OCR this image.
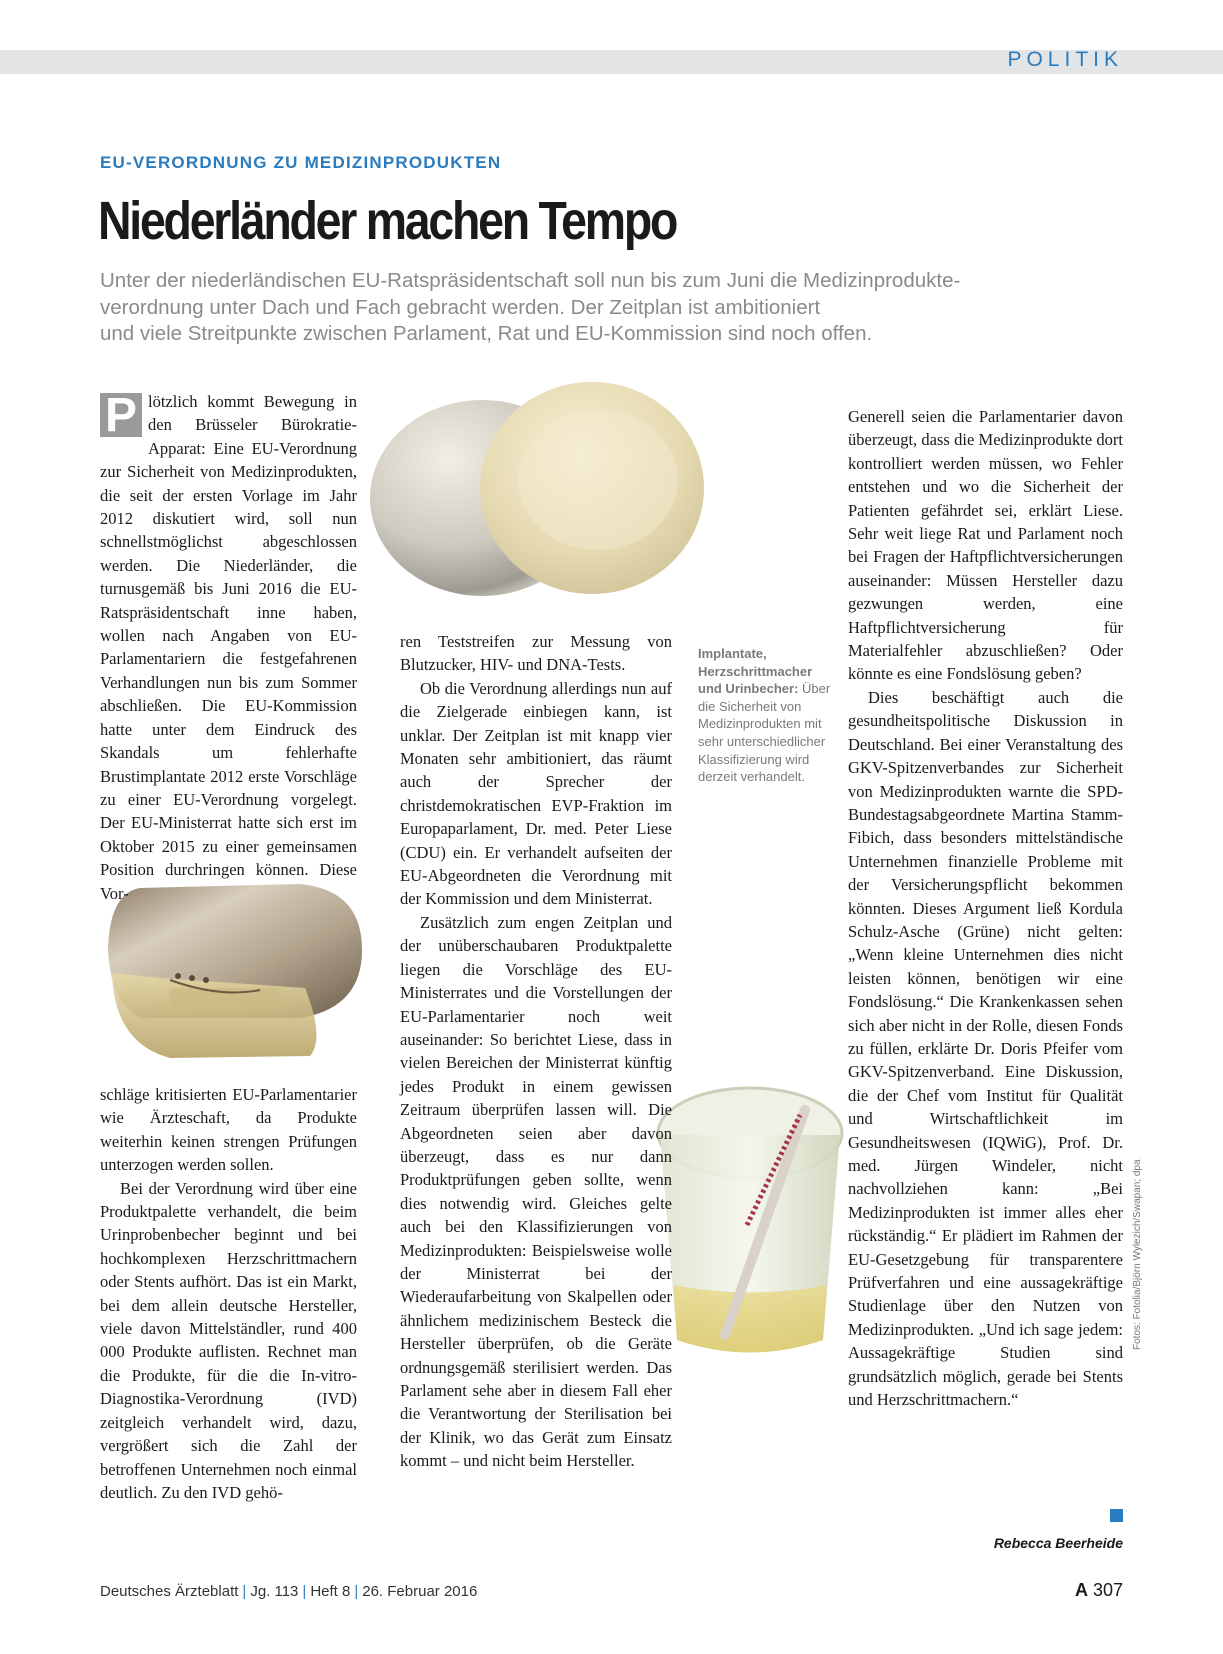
POLITIK
EU-VERORDNUNG ZU MEDIZINPRODUKTEN
Niederländer machen Tempo
Unter der niederländischen EU-Ratspräsidentschaft soll nun bis zum Juni die Medizinprodukte-
verordnung unter Dach und Fach gebracht werden. Der Zeitplan ist ambitioniert
und viele Streitpunkte zwischen Parlament, Rat und EU-Kommission sind noch offen.

P lötzlich kommt Bewegung in den Brüsseler Bürokratie-Apparat: Eine EU-Verordnung zur Sicherheit von Medizinprodukten, die seit der ersten Vorlage im Jahr 2012 diskutiert wird, soll nun schnellstmöglichst abgeschlossen werden. Die Niederländer, die turnusgemäß bis Juni 2016 die EU-Ratspräsidentschaft inne haben, wollen nach Angaben von EU-Parlamentariern die festgefahrenen Verhandlungen nun bis zum Sommer abschließen. Die EU-Kommission hatte unter dem Eindruck des Skandals um fehlerhafte Brustimplantate 2012 erste Vorschläge zu einer EU-Verordnung vorgelegt. Der EU-Ministerrat hatte sich erst im Oktober 2015 zu einer gemeinsamen Position durchringen können. Diese Vor-

schläge kritisierten EU-Parlamentarier wie Ärzteschaft, da Produkte weiterhin keinen strengen Prüfungen unterzogen werden sollen.

Bei der Verordnung wird über eine Produktpalette verhandelt, die beim Urinprobenbecher beginnt und bei hochkomplexen Herzschrittmachern oder Stents aufhört. Das ist ein Markt, bei dem allein deutsche Hersteller, viele davon Mittelständler, rund 400 000 Produkte auflisten. Rechnet man die Produkte, für die die In-vitro-Diagnostika-Verordnung (IVD) zeitgleich verhandelt wird, dazu, vergrößert sich die Zahl der betroffenen Unternehmen noch einmal deutlich. Zu den IVD gehö-

ren Teststreifen zur Messung von Blutzucker, HIV- und DNA-Tests.

Ob die Verordnung allerdings nun auf die Zielgerade einbiegen kann, ist unklar. Der Zeitplan ist mit knapp vier Monaten sehr ambitioniert, das räumt auch der Sprecher der christdemokratischen EVP-Fraktion im Europaparlament, Dr. med. Peter Liese (CDU) ein. Er verhandelt aufseiten der EU-Abgeordneten die Verordnung mit der Kommission und dem Ministerrat.

Zusätzlich zum engen Zeitplan und der unüberschaubaren Produktpalette liegen die Vorschläge des EU-Ministerrates und die Vorstellungen der EU-Parlamentarier noch weit auseinander: So berichtet Liese, dass in vielen Bereichen der Ministerrat künftig jedes Produkt in einem gewissen Zeitraum überprüfen lassen will. Die Abgeordneten seien aber davon überzeugt, dass es nur dann Produktprüfungen geben sollte, wenn dies notwendig wird. Gleiches gelte auch bei den Klassifizierungen von Medizinprodukten: Beispielsweise wolle der Ministerrat bei der Wiederaufarbeitung von Skalpellen oder ähnlichem medizinischem Besteck die Hersteller überprüfen, ob die Geräte ordnungsgemäß sterilisiert werden. Das Parlament sehe aber in diesem Fall eher die Verantwortung der Sterilisation bei der Klinik, wo das Gerät zum Einsatz kommt – und nicht beim Hersteller.

Implantate, Herzschrittmacher und Urinbecher: Über die Sicherheit von Medizinprodukten mit sehr unterschiedlicher Klassifizierung wird derzeit verhandelt.

Generell seien die Parlamentarier davon überzeugt, dass die Medizinprodukte dort kontrolliert werden müssen, wo Fehler entstehen und wo die Sicherheit der Patienten gefährdet sei, erklärt Liese. Sehr weit liege Rat und Parlament noch bei Fragen der Haftpflichtversicherungen auseinander: Müssen Hersteller dazu gezwungen werden, eine Haftpflichtversicherung für Materialfehler abzuschließen? Oder könnte es eine Fondslösung geben?

Dies beschäftigt auch die gesundheitspolitische Diskussion in Deutschland. Bei einer Veranstaltung des GKV-Spitzenverbandes zur Sicherheit von Medizinprodukten warnte die SPD-Bundestagsabgeordnete Martina Stamm-Fibich, dass besonders mittelständische Unternehmen finanzielle Probleme mit der Versicherungspflicht bekommen könnten. Dieses Argument ließ Kordula Schulz-Asche (Grüne) nicht gelten: „Wenn kleine Unternehmen dies nicht leisten können, benötigen wir eine Fondslösung.“ Die Krankenkassen sehen sich aber nicht in der Rolle, diesen Fonds zu füllen, erklärte Dr. Doris Pfeifer vom GKV-Spitzenverband. Eine Diskussion, die der Chef vom Institut für Qualität und Wirtschaftlichkeit im Gesundheitswesen (IQWiG), Prof. Dr. med. Jürgen Windeler, nicht nachvollziehen kann: „Bei Medizinprodukten ist immer alles eher rückständig.“ Er plädiert im Rahmen der EU-Gesetzgebung für transparentere Prüfverfahren und eine aussagekräftige Studienlage über den Nutzen von Medizinprodukten. „Und ich sage jedem: Aussagekräftige Studien sind grundsätzlich möglich, gerade bei Stents und Herzschrittmachern.“

Rebecca Beerheide
Fotos: Fotolia/Björn Wylezich/Swapan; dpa
Deutsches Ärzteblatt | Jg. 113 | Heft 8 | 26. Februar 2016	A 307
